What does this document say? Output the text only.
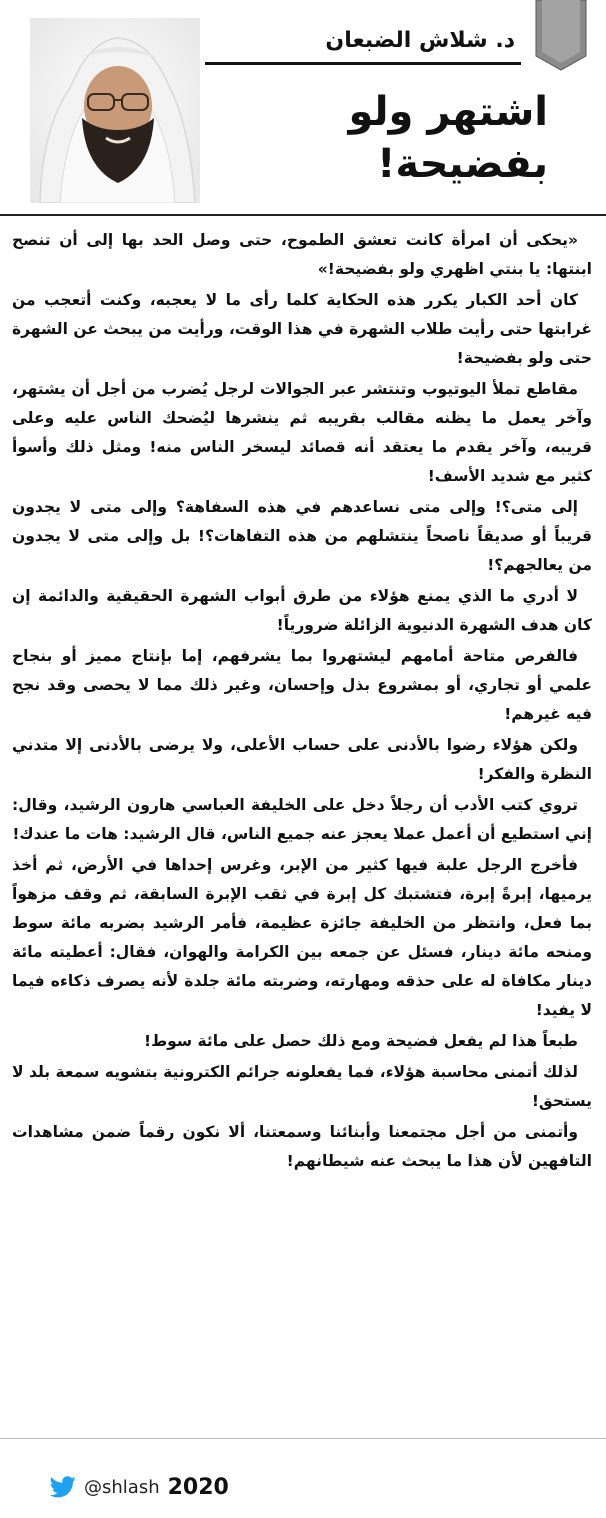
د. شلاش الضبعان
اشتهر ولو
بفضيحة!

«يحكى أن امرأة كانت تعشق الطموح، حتى وصل الحد بها إلى أن تنصح ابنتها: يا بنتي اظهري ولو بفضيحة!»

كان أحد الكبار يكرر هذه الحكاية كلما رأى ما لا يعجبه، وكنت أتعجب من غرابتها حتى رأيت طلاب الشهرة في هذا الوقت، ورأيت من يبحث عن الشهرة حتى ولو بفضيحة!

مقاطع تملأ اليوتيوب وتنتشر عبر الجوالات لرجل يُضرب من أجل أن يشتهر، وآخر يعمل ما يظنه مقالب بقريبه ثم ينشرها ليُضحك الناس عليه وعلى قريبه، وآخر يقدم ما يعتقد أنه قصائد ليسخر الناس منه! ومثل ذلك وأسوأ كثير مع شديد الأسف!

إلى متى؟! وإلى متى نساعدهم في هذه السفاهة؟ وإلى متى لا يجدون قريباً أو صديقاً ناصحاً ينتشلهم من هذه التفاهات؟! بل وإلى متى لا يجدون من يعالجهم؟!

لا أدري ما الذي يمنع هؤلاء من طرق أبواب الشهرة الحقيقية والدائمة إن كان هدف الشهرة الدنيوية الزائلة ضرورياً!

فالفرص متاحة أمامهم ليشتهروا بما يشرفهم، إما بإنتاج مميز أو بنجاح علمي أو تجاري، أو بمشروع بذل وإحسان، وغير ذلك مما لا يحصى وقد نجح فيه غيرهم!

ولكن هؤلاء رضوا بالأدنى على حساب الأعلى، ولا يرضى بالأدنى إلا متدني النظرة والفكر!

تروي كتب الأدب أن رجلاً دخل على الخليفة العباسي هارون الرشيد، وقال: إني استطيع أن أعمل عملا يعجز عنه جميع الناس، قال الرشيد: هات ما عندك!

فأخرج الرجل علبة فيها كثير من الإبر، وغرس إحداها في الأرض، ثم أخذ يرميها، إبرةً إبرة، فتشتبك كل إبرة في ثقب الإبرة السابقة، ثم وقف مزهواً بما فعل، وانتظر من الخليفة جائزة عظيمة، فأمر الرشيد بضربه مائة سوط ومنحه مائة دينار، فسئل عن جمعه بين الكرامة والهوان، فقال: أعطيته مائة دينار مكافاة له على حذقه ومهارته، وضربته مائة جلدة لأنه يصرف ذكاءه فيما لا يفيد!

طبعاً هذا لم يفعل فضيحة ومع ذلك حصل على مائة سوط!

لذلك أتمنى محاسبة هؤلاء، فما يفعلونه جرائم الكترونية بتشويه سمعة بلد لا يستحق!

وأتمنى من أجل مجتمعنا وأبنائنا وسمعتنا، ألا نكون رقماً ضمن مشاهدات التافهين لأن هذا ما يبحث عنه شيطانهم!

@shlash 2020
